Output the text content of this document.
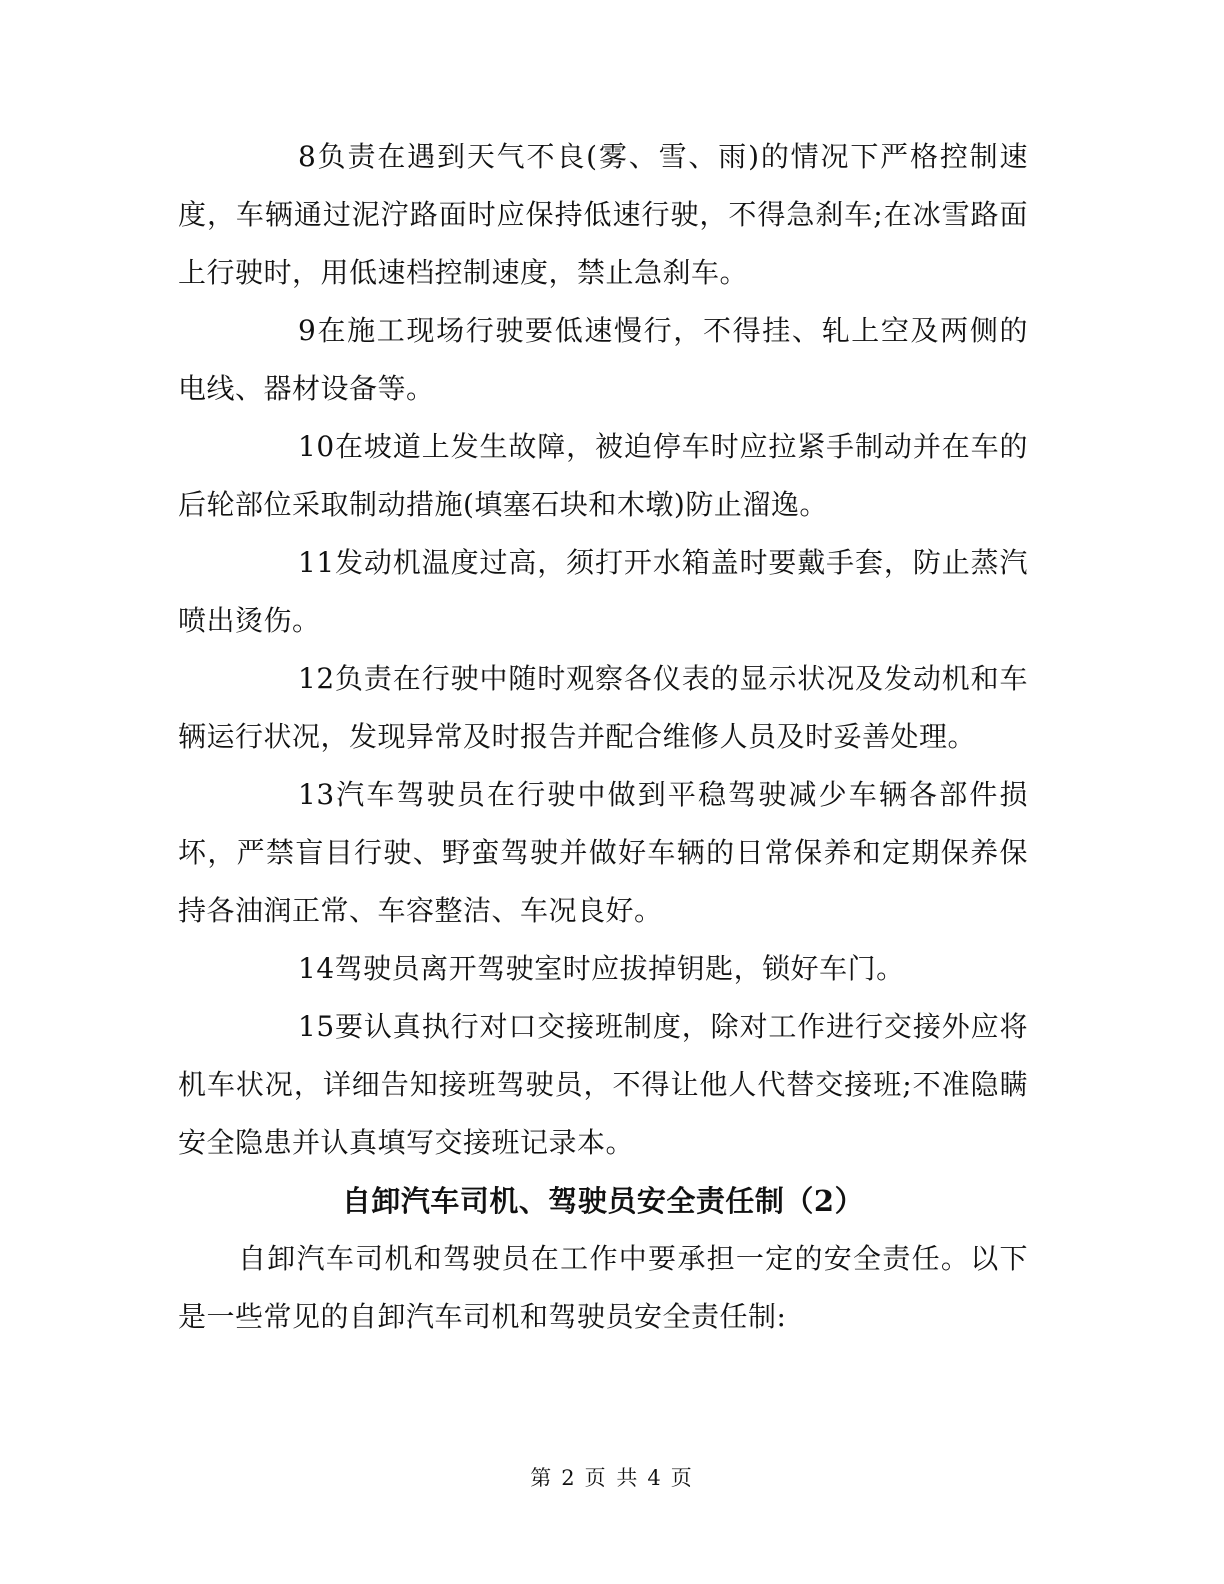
8负责在遇到天气不良(雾、雪、雨)的情况下严格控制速度，车辆通过泥泞路面时应保持低速行驶，不得急刹车;在冰雪路面上行驶时，用低速档控制速度，禁止急刹车。

9在施工现场行驶要低速慢行，不得挂、轧上空及两侧的电线、器材设备等。

10在坡道上发生故障，被迫停车时应拉紧手制动并在车的后轮部位采取制动措施(填塞石块和木墩)防止溜逸。

11发动机温度过高，须打开水箱盖时要戴手套，防止蒸汽喷出烫伤。

12负责在行驶中随时观察各仪表的显示状况及发动机和车辆运行状况，发现异常及时报告并配合维修人员及时妥善处理。

13汽车驾驶员在行驶中做到平稳驾驶减少车辆各部件损坏，严禁盲目行驶、野蛮驾驶并做好车辆的日常保养和定期保养保持各油润正常、车容整洁、车况良好。

14驾驶员离开驾驶室时应拔掉钥匙，锁好车门。

15要认真执行对口交接班制度，除对工作进行交接外应将机车状况，详细告知接班驾驶员，不得让他人代替交接班;不准隐瞒安全隐患并认真填写交接班记录本。

自卸汽车司机、驾驶员安全责任制（2）

自卸汽车司机和驾驶员在工作中要承担一定的安全责任。以下是一些常见的自卸汽车司机和驾驶员安全责任制:

第 2 页 共 4 页
